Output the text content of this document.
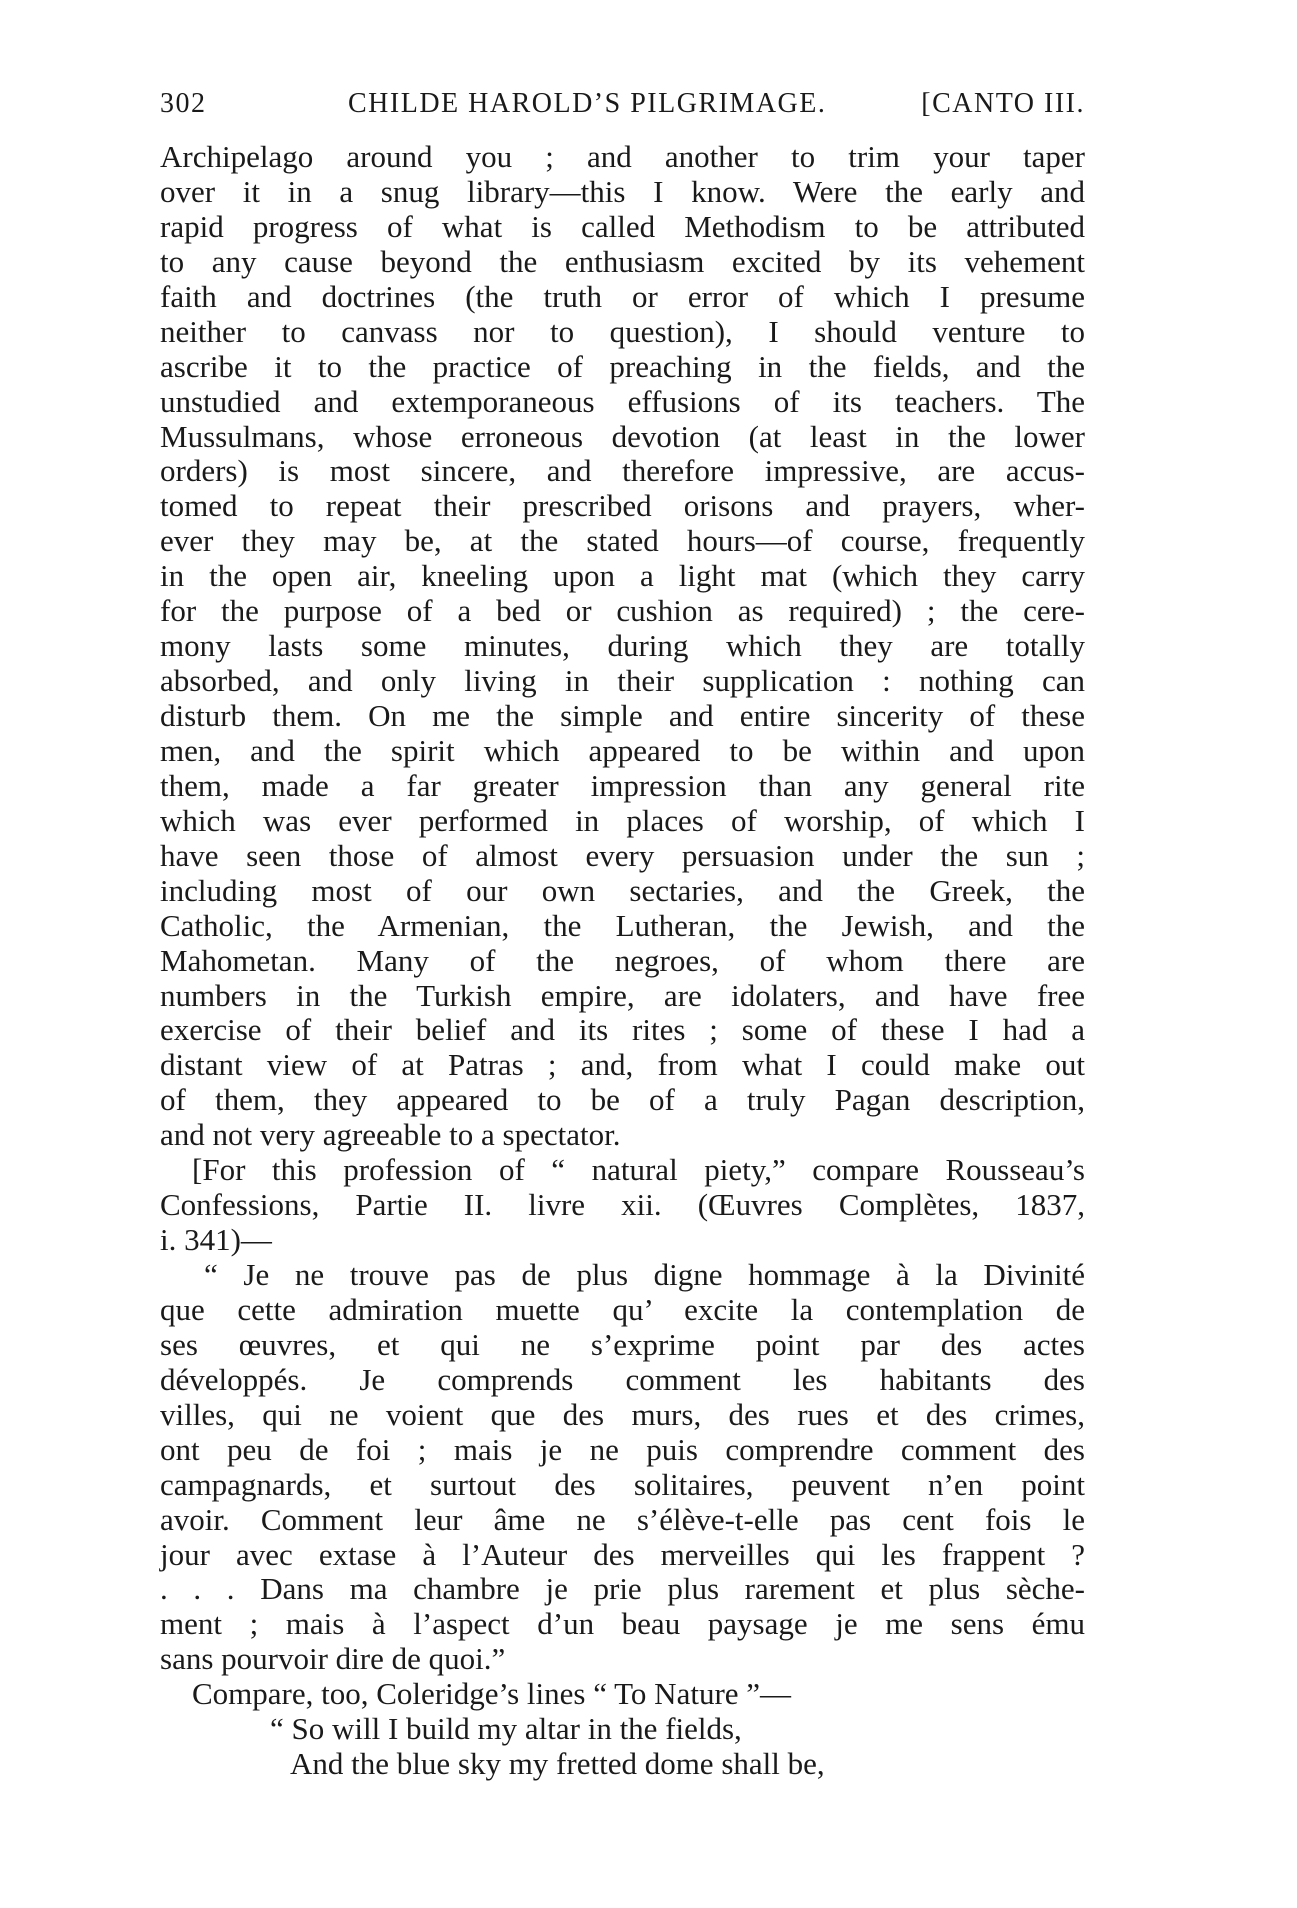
302	CHILDE HAROLD’S PILGRIMAGE.	[CANTO III.
Archipelago around you ; and another to trim your taper
over it in a snug library—this I know. Were the early and
rapid progress of what is called Methodism to be attributed
to any cause beyond the enthusiasm excited by its vehement
faith and doctrines (the truth or error of which I presume
neither to canvass nor to question), I should venture to
ascribe it to the practice of preaching in the fields, and the
unstudied and extemporaneous effusions of its teachers. The
Mussulmans, whose erroneous devotion (at least in the lower
orders) is most sincere, and therefore impressive, are accus-
tomed to repeat their prescribed orisons and prayers, wher-
ever they may be, at the stated hours—of course, frequently
in the open air, kneeling upon a light mat (which they carry
for the purpose of a bed or cushion as required) ; the cere-
mony lasts some minutes, during which they are totally
absorbed, and only living in their supplication : nothing can
disturb them. On me the simple and entire sincerity of these
men, and the spirit which appeared to be within and upon
them, made a far greater impression than any general rite
which was ever performed in places of worship, of which I
have seen those of almost every persuasion under the sun ;
including most of our own sectaries, and the Greek, the
Catholic, the Armenian, the Lutheran, the Jewish, and the
Mahometan. Many of the negroes, of whom there are
numbers in the Turkish empire, are idolaters, and have free
exercise of their belief and its rites ; some of these I had a
distant view of at Patras ; and, from what I could make out
of them, they appeared to be of a truly Pagan description,
and not very agreeable to a spectator.
[For this profession of “ natural piety,” compare Rousseau’s
Confessions, Partie II. livre xii. (Œuvres Complètes, 1837,
i. 341)—
“ Je ne trouve pas de plus digne hommage à la Divinité
que cette admiration muette qu’ excite la contemplation de
ses œuvres, et qui ne s’exprime point par des actes
développés. Je comprends comment les habitants des
villes, qui ne voient que des murs, des rues et des crimes,
ont peu de foi ; mais je ne puis comprendre comment des
campagnards, et surtout des solitaires, peuvent n’en point
avoir. Comment leur âme ne s’élève-t-elle pas cent fois le
jour avec extase à l’Auteur des merveilles qui les frappent ?
. . . Dans ma chambre je prie plus rarement et plus sèche-
ment ; mais à l’aspect d’un beau paysage je me sens ému
sans pourvoir dire de quoi.”
Compare, too, Coleridge’s lines “ To Nature ”—
“ So will I build my altar in the fields,
And the blue sky my fretted dome shall be,
